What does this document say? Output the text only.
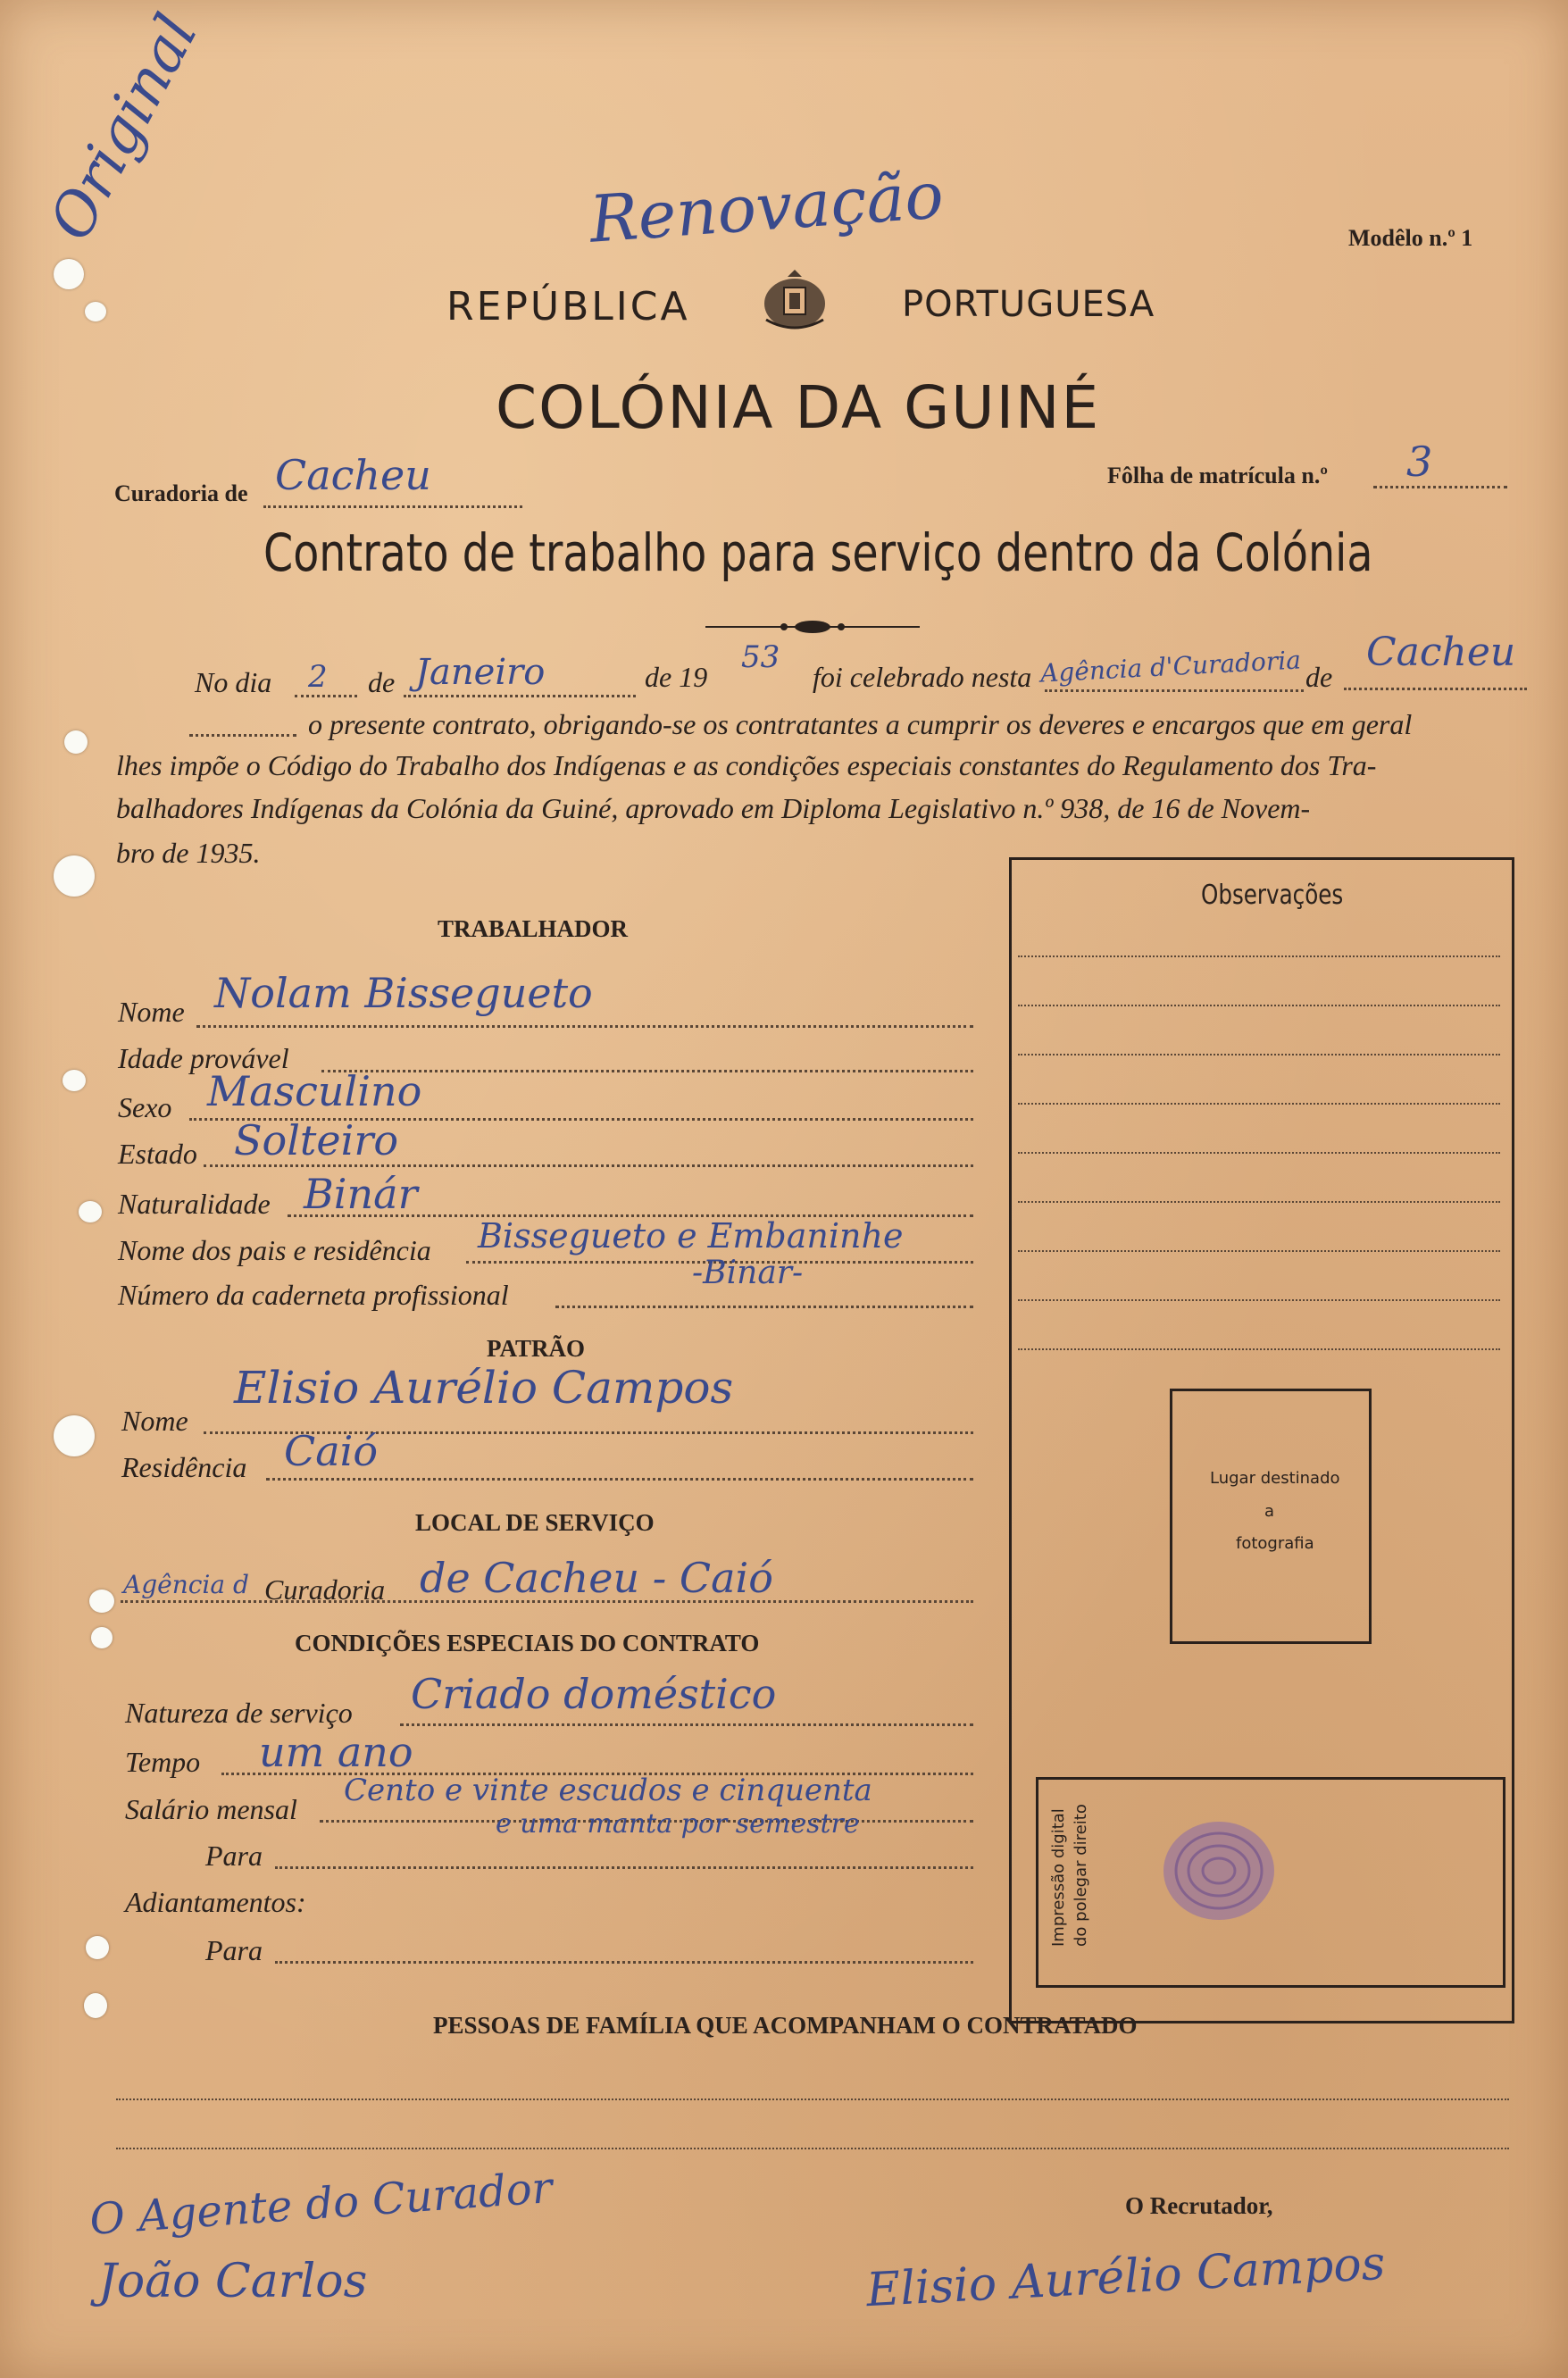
Original	Renovação	Modêlo n.º 1
REPÚBLICA	PORTUGUESA
COLÓNIA DA GUINÉ
Curadoria de Cacheu	Fôlha de matrícula n.º 3
Contrato de trabalho para serviço dentro da Colónia
No dia 2 de Janeiro	de 19
53
foi celebrado nesta Agência d'Curadoria de
Cacheu
o presente contrato, obrigando-se os contratantes a cumprir os deveres e encargos que em geral
lhes impõe o Código do Trabalho dos Indígenas e as condições especiais constantes do Regulamento dos Tra-
balhadores Indígenas da Colónia da Guiné, aprovado em Diploma Legislativo n.º 938, de 16 de Novem-
bro de 1935.
TRABALHADOR
Nome Nolam Bissegueto
Idade provável
Sexo Masculino
Estado Solteiro
Naturalidade Binár
Nome dos pais e residência Bissegueto e Embaninhe
-Binar-
Número da caderneta profissional
PATRÃO
Nome
Elisio Aurélio Campos
Residência Caió
LOCAL DE SERVIÇO
Agência d Curadoria de Cacheu - Caió
CONDIÇÕES ESPECIAIS DO CONTRATO
Natureza de serviço Criado doméstico
Tempo um ano
Salário mensal
Cento e vinte escudos e cinquenta
e uma manta por semestre
Para
Adiantamentos:
Para
Observações
Lugar destinado
a
fotografia
Impressão digital do polegar direito
PESSOAS DE FAMÍLIA QUE ACOMPANHAM O CONTRATADO
O Recrutador,
O Agente do Curador
João Carlos	Elisio Aurélio Campos
